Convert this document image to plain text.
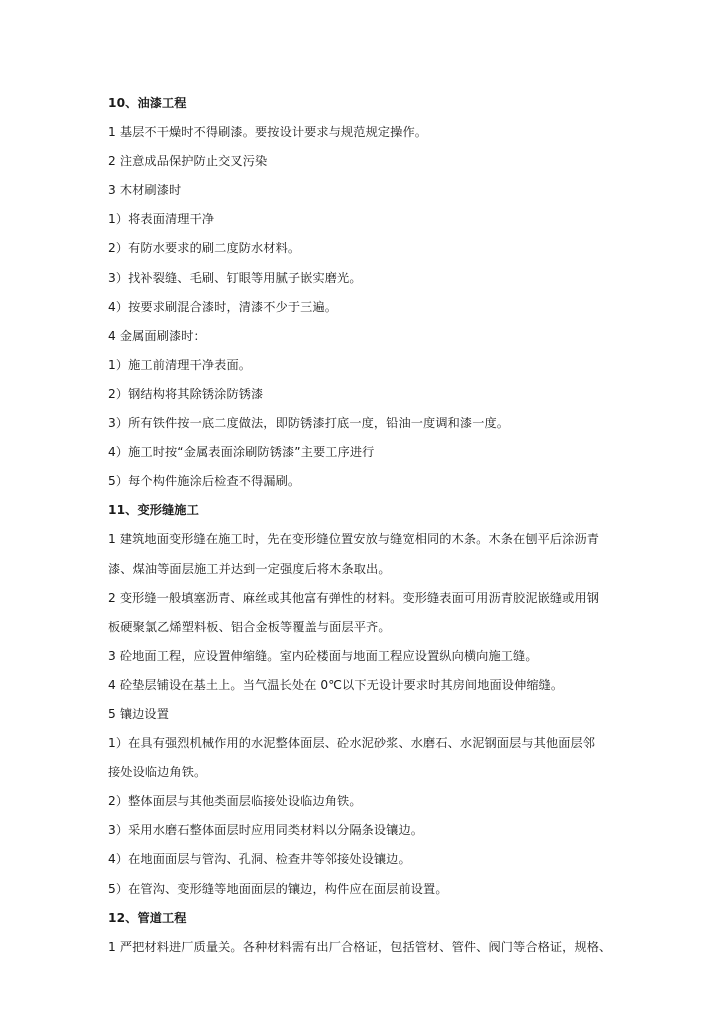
10、油漆工程
1 基层不干燥时不得刷漆。要按设计要求与规范规定操作。
2 注意成品保护防止交叉污染
3 木材刷漆时
1）将表面清理干净
2）有防水要求的刷二度防水材料。
3）找补裂缝、毛刷、钉眼等用腻子嵌实磨光。
4）按要求刷混合漆时，清漆不少于三遍。
4 金属面刷漆时：
1）施工前清理干净表面。
2）钢结构将其除锈涂防锈漆
3）所有铁件按一底二度做法，即防锈漆打底一度，铅油一度调和漆一度。
4）施工时按“金属表面涂刷防锈漆”主要工序进行
5）每个构件施涂后检查不得漏刷。
11、变形缝施工
1 建筑地面变形缝在施工时，先在变形缝位置安放与缝宽相同的木条。木条在刨平后涂沥青
漆、煤油等面层施工并达到一定强度后将木条取出。
2 变形缝一般填塞沥青、麻丝或其他富有弹性的材料。变形缝表面可用沥青胶泥嵌缝或用钢
板硬聚氯乙烯塑料板、铝合金板等覆盖与面层平齐。
3 砼地面工程，应设置伸缩缝。室内砼楼面与地面工程应设置纵向横向施工缝。
4 砼垫层铺设在基土上。当气温长处在 0℃以下无设计要求时其房间地面设伸缩缝。
5 镶边设置
1）在具有强烈机械作用的水泥整体面层、砼水泥砂浆、水磨石、水泥钢面层与其他面层邻
接处设临边角铁。
2）整体面层与其他类面层临接处设临边角铁。
3）采用水磨石整体面层时应用同类材料以分隔条设镶边。
4）在地面面层与管沟、孔洞、检查井等邻接处设镶边。
5）在管沟、变形缝等地面面层的镶边，构件应在面层前设置。
12、管道工程
1 严把材料进厂质量关。各种材料需有出厂合格证，包括管材、管件、阀门等合格证，规格、
